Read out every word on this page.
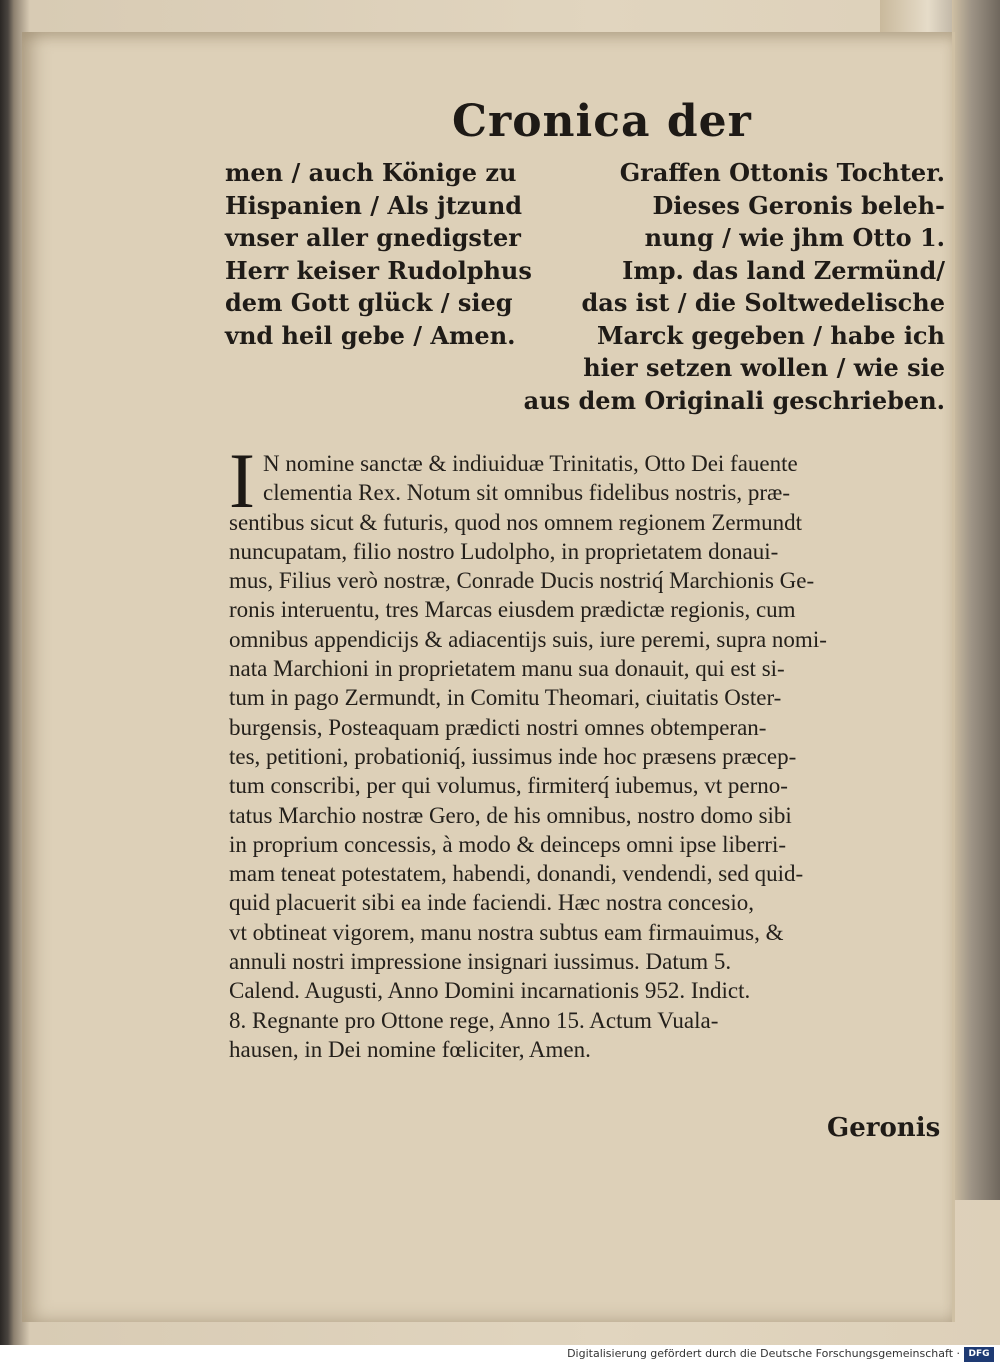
Cronica der
men / auch Könige zu
Hispanien / Als jtzund
vnser aller gnedigster
Herr keiser Rudolphus
dem Gott glück / sieg
vnd heil gebe / Amen.
Graffen Ottonis Tochter.
Dieses Geronis beleh-
nung / wie jhm Otto 1.
Imp. das land Zermünd/
das ist / die Soltwedelische
Marck gegeben / habe ich
hier setzen wollen / wie sie
aus dem Originali geschrieben.
I N nomine sanctæ & indiuiduæ Trinitatis, Otto Dei fauente
clementia Rex. Notum sit omnibus fidelibus nostris, præ-
sentibus sicut & futuris, quod nos omnem regionem Zermundt
nuncupatam, filio nostro Ludolpho, in proprietatem donaui-
mus, Filius verò nostræ, Conrade Ducis nostriq́ Marchionis Ge-
ronis interuentu, tres Marcas eiusdem prædictæ regionis, cum
omnibus appendicijs & adiacentijs suis, iure peremi, supra nomi-
nata Marchioni in proprietatem manu sua donauit, qui est si-
tum in pago Zermundt, in Comitu Theomari, ciuitatis Oster-
burgensis, Posteaquam prædicti nostri omnes obtemperan-
tes, petitioni, probationiq́, iussimus inde hoc præsens præcep-
tum conscribi, per qui volumus, firmiterq́ iubemus, vt perno-
tatus Marchio nostræ Gero, de his omnibus, nostro domo sibi
in proprium concessis, à modo & deinceps omni ipse liberri-
mam teneat potestatem, habendi, donandi, vendendi, sed quid-
quid placuerit sibi ea inde faciendi. Hæc nostra concesio,
vt obtineat vigorem, manu nostra subtus eam firmauimus, &
annuli nostri impressione insignari iussimus. Datum 5.
Calend. Augusti, Anno Domini incarnationis 952. Indict.
8. Regnante pro Ottone rege, Anno 15. Actum Vuala-
hausen, in Dei nomine fœliciter, Amen.
Geronis
Digitalisierung gefördert durch die Deutsche Forschungsgemeinschaft · DFG
